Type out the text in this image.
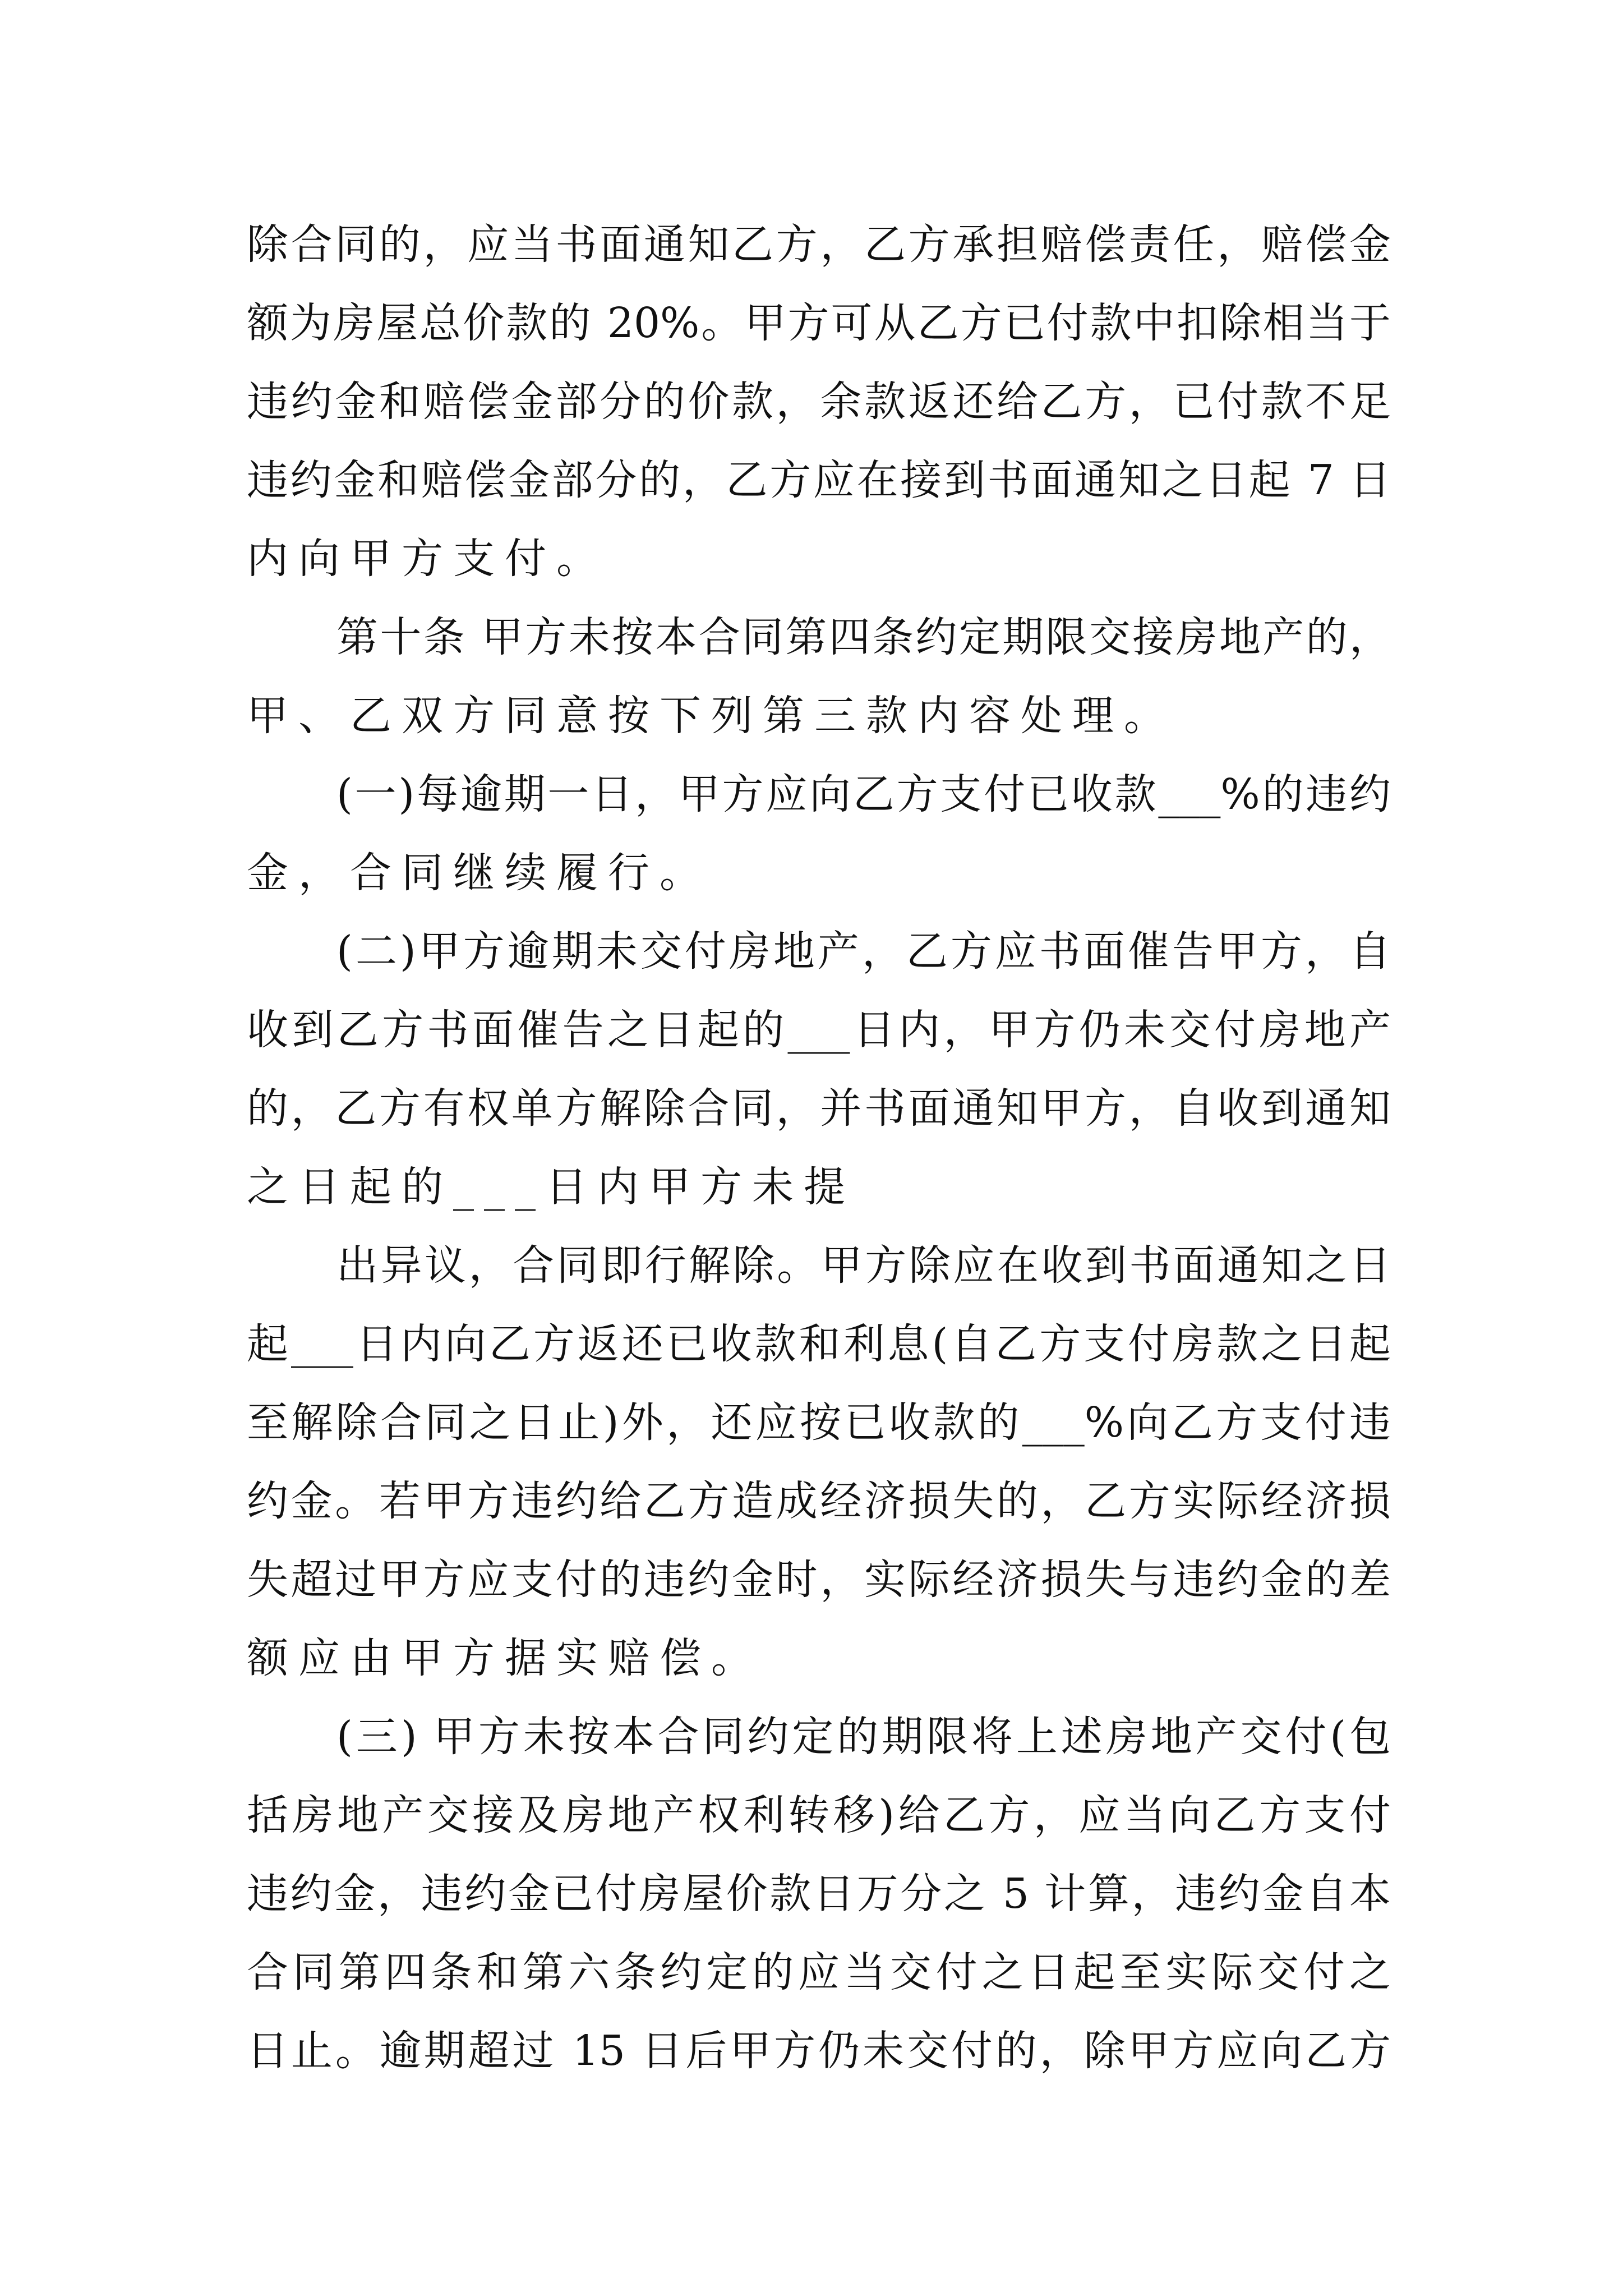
除合同的，应当书面通知乙方，乙方承担赔偿责任，赔偿金
额为房屋总价款的 20%。甲方可从乙方已付款中扣除相当于
违约金和赔偿金部分的价款，余款返还给乙方，已付款不足
违约金和赔偿金部分的，乙方应在接到书面通知之日起 7 日
内向甲方支付。
第十条 甲方未按本合同第四条约定期限交接房地产的，
甲、乙双方同意按下列第三款内容处理。
(一)每逾期一日，甲方应向乙方支付已收款___%的违约
金，合同继续履行。
(二)甲方逾期未交付房地产，乙方应书面催告甲方，自
收到乙方书面催告之日起的___日内，甲方仍未交付房地产
的，乙方有权单方解除合同，并书面通知甲方，自收到通知
之日起的___日内甲方未提
出异议，合同即行解除。甲方除应在收到书面通知之日
起___日内向乙方返还已收款和利息(自乙方支付房款之日起
至解除合同之日止)外，还应按已收款的___%向乙方支付违
约金。若甲方违约给乙方造成经济损失的，乙方实际经济损
失超过甲方应支付的违约金时，实际经济损失与违约金的差
额应由甲方据实赔偿。
(三) 甲方未按本合同约定的期限将上述房地产交付(包
括房地产交接及房地产权利转移)给乙方，应当向乙方支付
违约金，违约金已付房屋价款日万分之 5 计算，违约金自本
合同第四条和第六条约定的应当交付之日起至实际交付之
日止。逾期超过 15 日后甲方仍未交付的，除甲方应向乙方
